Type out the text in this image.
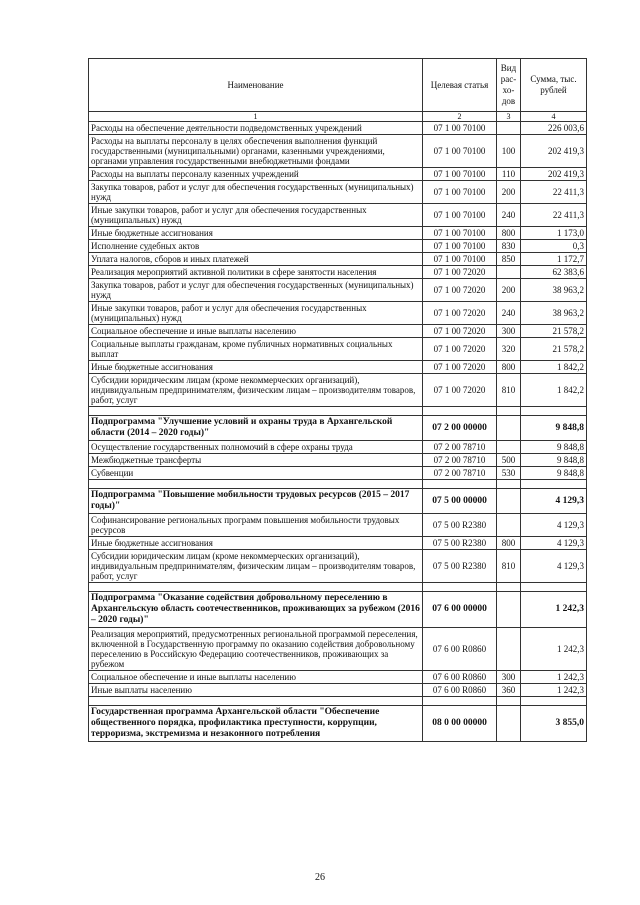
Наименование	Целевая статья	Вид рас-хо-дов	Сумма, тыс. рублей
1	2	3	4
Расходы на обеспечение деятельности подведомственных учреждений	07 1 00 70100		226 003,6
Расходы на выплаты персоналу в целях обеспечения выполнения функций государственными (муниципальными) органами, казенными учреждениями, органами управления государственными внебюджетными фондами	07 1 00 70100	100	202 419,3
Расходы на выплаты персоналу казенных учреждений	07 1 00 70100	110	202 419,3
Закупка товаров, работ и услуг для обеспечения государственных (муниципальных) нужд	07 1 00 70100	200	22 411,3
Иные закупки товаров, работ и услуг для обеспечения государственных (муниципальных) нужд	07 1 00 70100	240	22 411,3
Иные бюджетные ассигнования	07 1 00 70100	800	1 173,0
Исполнение судебных актов	07 1 00 70100	830	0,3
Уплата налогов, сборов и иных платежей	07 1 00 70100	850	1 172,7
Реализация мероприятий активной политики в сфере занятости населения	07 1 00 72020		62 383,6
Закупка товаров, работ и услуг для обеспечения государственных (муниципальных) нужд	07 1 00 72020	200	38 963,2
Иные закупки товаров, работ и услуг для обеспечения государственных (муниципальных) нужд	07 1 00 72020	240	38 963,2
Социальное обеспечение и иные выплаты населению	07 1 00 72020	300	21 578,2
Социальные выплаты гражданам, кроме публичных нормативных социальных выплат	07 1 00 72020	320	21 578,2
Иные бюджетные ассигнования	07 1 00 72020	800	1 842,2
Субсидии юридическим лицам (кроме некоммерческих организаций), индивидуальным предпринимателям, физическим лицам – производителям товаров, работ, услуг	07 1 00 72020	810	1 842,2

Подпрограмма "Улучшение условий и охраны труда в Архангельской области (2014 – 2020 годы)"	07 2 00 00000		9 848,8
Осуществление государственных полномочий в сфере охраны труда	07 2 00 78710		9 848,8
Межбюджетные трансферты	07 2 00 78710	500	9 848,8
Субвенции	07 2 00 78710	530	9 848,8

Подпрограмма "Повышение мобильности трудовых ресурсов (2015 – 2017 годы)"	07 5 00 00000		4 129,3
Софинансирование региональных программ повышения мобильности трудовых ресурсов	07 5 00 R2380		4 129,3
Иные бюджетные ассигнования	07 5 00 R2380	800	4 129,3
Субсидии юридическим лицам (кроме некоммерческих организаций), индивидуальным предпринимателям, физическим лицам – производителям товаров, работ, услуг	07 5 00 R2380	810	4 129,3

Подпрограмма "Оказание содействия добровольному переселению в Архангельскую область соотечественников, проживающих за рубежом (2016 – 2020 годы)"	07 6 00 00000		1 242,3
Реализация мероприятий, предусмотренных региональной программой переселения, включенной в Государственную программу по оказанию содействия добровольному переселению в Российскую Федерацию соотечественников, проживающих за рубежом	07 6 00 R0860		1 242,3
Социальное обеспечение и иные выплаты населению	07 6 00 R0860	300	1 242,3
Иные выплаты населению	07 6 00 R0860	360	1 242,3

Государственная программа Архангельской области "Обеспечение общественного порядка, профилактика преступности, коррупции, терроризма, экстремизма и незаконного потребления	08 0 00 00000		3 855,0
26
